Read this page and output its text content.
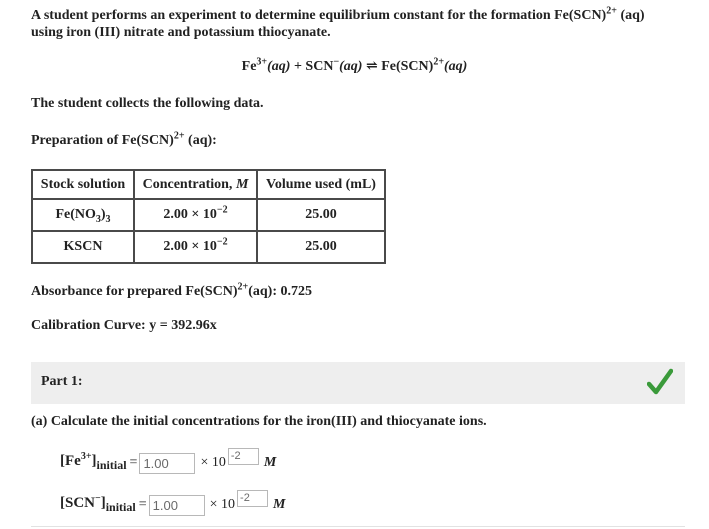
A student performs an experiment to determine equilibrium constant for the formation Fe(SCN)$^{2+}$ (aq)
using iron (III) nitrate and potassium thiocyanate.
$Fe^{3+}(aq) + SCN^-(aq)$ ⇌ Fe(SCN)$^{2+}$(aq)
The student collects the following data.
Preparation of Fe(SCN)$^{2+}$ (aq):
Stock solution	Concentration, M	Volume used (mL)
$Fe(NO_3)_3$	$2.00 \times 10^{-2}$	25.00
KSCN	$2.00 \times 10^{-2}$	25.00
Absorbance for prepared Fe(SCN)$^{2+}$(aq): 0.725
Calibration Curve: y = 392.96x
Part 1:
(a) Calculate the initial concentrations for the iron(III) and thiocyanate ions.
$[Fe^{3+}]_{initial} = 1.00$	× 10 -2	M
$[SCN^-]_{initial} = 1.00$	× 10 -2	M
